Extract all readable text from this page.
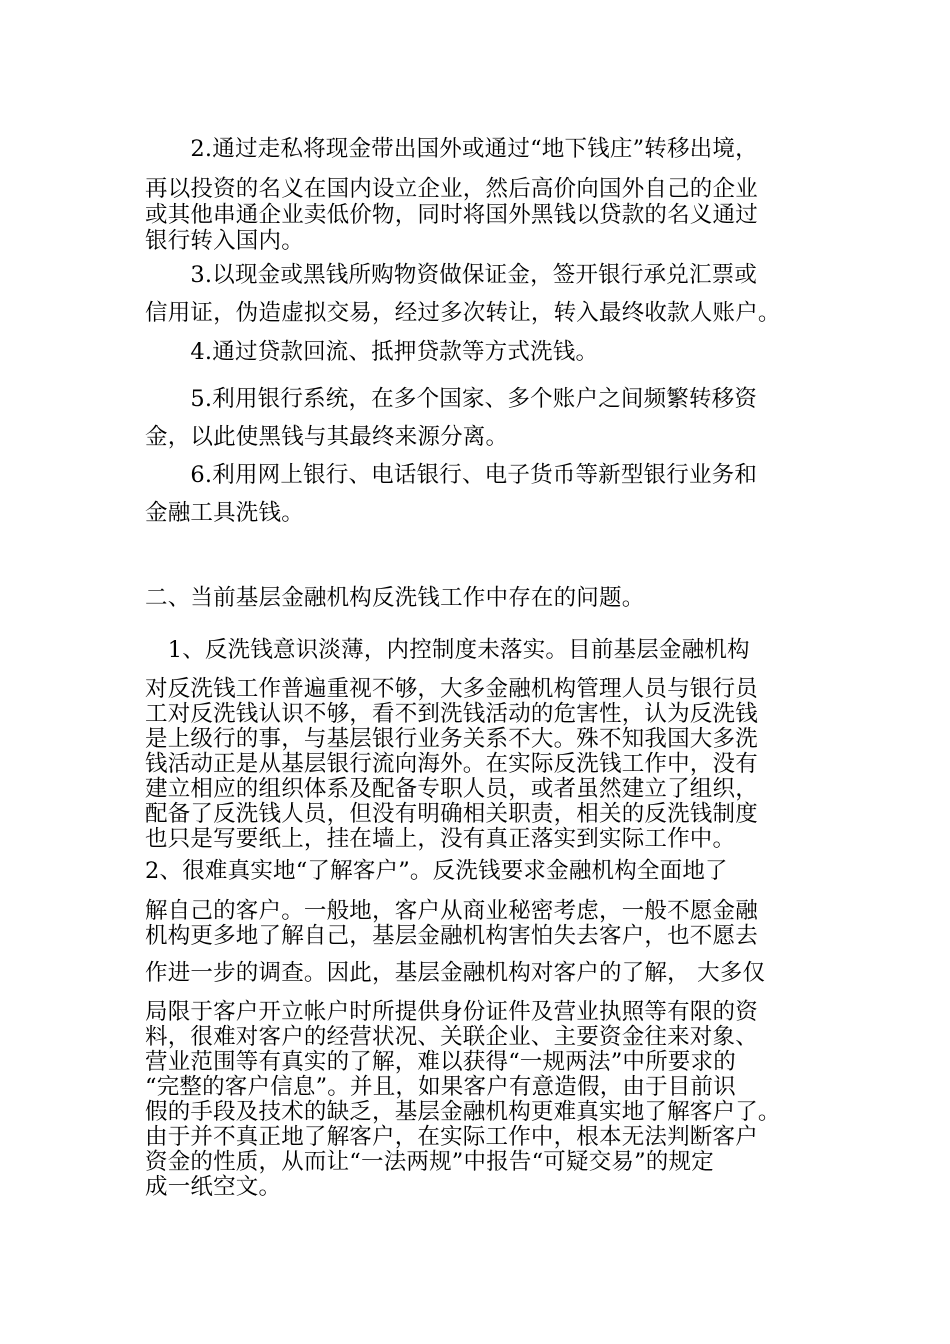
　　2.通过走私将现金带出国外或通过“地下钱庄”转移出境，
再以投资的名义在国内设立企业，然后高价向国外自己的企业
或其他串通企业卖低价物，同时将国外黑钱以贷款的名义通过
银行转入国内。
　　3.以现金或黑钱所购物资做保证金，签开银行承兑汇票或
信用证，伪造虚拟交易，经过多次转让，转入最终收款人账户。
　　4.通过贷款回流、抵押贷款等方式洗钱。
　　5.利用银行系统，在多个国家、多个账户之间频繁转移资
金，以此使黑钱与其最终来源分离。
　　6.利用网上银行、电话银行、电子货币等新型银行业务和
金融工具洗钱。
二、当前基层金融机构反洗钱工作中存在的问题。
　1、反洗钱意识淡薄，内控制度未落实。目前基层金融机构
对反洗钱工作普遍重视不够，大多金融机构管理人员与银行员
工对反洗钱认识不够，看不到洗钱活动的危害性，认为反洗钱
是上级行的事，与基层银行业务关系不大。殊不知我国大多洗
钱活动正是从基层银行流向海外。在实际反洗钱工作中，没有
建立相应的组织体系及配备专职人员，或者虽然建立了组织，
配备了反洗钱人员，但没有明确相关职责，相关的反洗钱制度
也只是写要纸上，挂在墙上，没有真正落实到实际工作中。
2、很难真实地“了解客户”。反洗钱要求金融机构全面地了
解自己的客户。一般地，客户从商业秘密考虑，一般不愿金融
机构更多地了解自己，基层金融机构害怕失去客户，也不愿去
作进一步的调查。因此，基层金融机构对客户的了解， 大多仅
局限于客户开立帐户时所提供身份证件及营业执照等有限的资
料，很难对客户的经营状况、关联企业、主要资金往来对象、
营业范围等有真实的了解，难以获得“一规两法”中所要求的
“完整的客户信息”。并且，如果客户有意造假，由于目前识
假的手段及技术的缺乏，基层金融机构更难真实地了解客户了。
由于并不真正地了解客户，在实际工作中，根本无法判断客户
资金的性质，从而让“一法两规”中报告“可疑交易”的规定
成一纸空文。
